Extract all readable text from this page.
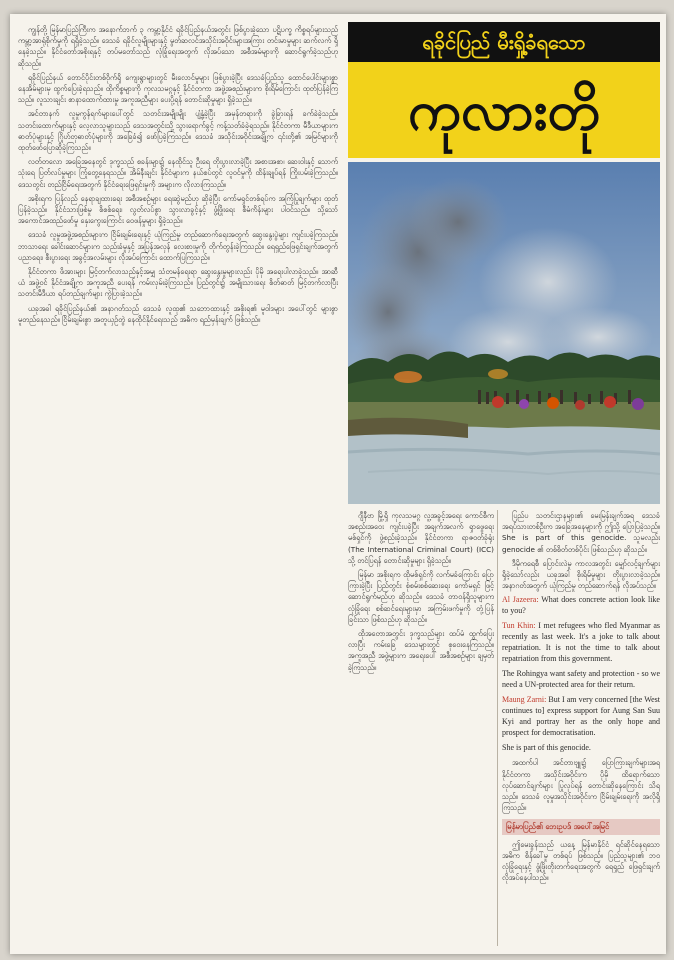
ကျွန်တို့ မြန်မာပြည်ကြီးက အနောက်ဘက် ၃ ကမ္ဘာ့နိုင်ငံ ရခိုင်ပြည်နယ်အတွင်း ဖြစ်ပွားခဲ့သော ပဋိပက္ခ ကိစ္စရပ်များသည် ကမ္ဘာ့အာရုံစိုက်မှုကို ရရှိခဲ့သည်။ ဒေသခံ ရခိုင်လူမျိုးများနှင့် မွတ်ဆလင်အသိုင်းအဝိုင်းများအကြား တင်းမာမှုများ ဆက်လက် ရှိနေခဲ့သည်။ နိုင်ငံတော်အစိုးရနှင့် တပ်မတော်သည် လုံခြုံရေးအတွက် လိုအပ်သော အစီအမံများကို ဆောင်ရွက်ခဲ့သည်ဟု ဆိုသည်။

ရခိုင်ပြည်နယ် တောင်ပိုင်းတစ်ဝိုက်ရှိ ကျေးရွာများတွင် မီးလောင်မှုများ ဖြစ်ပွားခဲ့ပြီး ဒေသခံပြည်သူ ထောင်ပေါင်းများစွာ နေအိမ်များမှ ထွက်ပြေးခဲ့ရသည်။ ထိုကိစ္စများကို ကုလသမဂ္ဂနှင့် နိုင်ငံတကာ အဖွဲ့အစည်းများက စိုးရိမ်ကြောင်း ထုတ်ပြန်ခဲ့ကြသည်။ လူသားချင်း စာနာထောက်ထားမှု အကူအညီများ ပေးပို့ရန် တောင်းဆိုမှုများ ရှိခဲ့သည်။

အင်တာနက် လူမှုကွန်ရက်များပေါ်တွင် သတင်းအမျိုးမျိုး ပျံ့နှံ့ခဲ့ပြီး အမှန်တရားကို ခွဲခြားရန် ခက်ခဲခဲ့သည်။ သတင်းထောက်များနှင့် လေ့လာသူများသည် ဒေသအတွင်းသို့ သွားရောက်ခွင့် ကန့်သတ်ခံခဲ့ရသည်။ နိုင်ငံတကာ မီဒီယာများက ဓာတ်ပုံများနှင့် ဂြိုဟ်တုဓာတ်ပုံများကို အခြေခံ၍ ဖော်ပြခဲ့ကြသည်။ ဒေသခံ အသိုင်းအဝိုင်းအချို့က ၎င်းတို့၏ အမြင်များကို ထုတ်ဖော်ပြောဆိုခဲ့ကြသည်။

လတ်တလော အခြေအနေတွင် ဒုက္ခသည် စခန်းများ၌ နေထိုင်သူ ဦးရေ တိုးပွားလာခဲ့ပြီး အစားအစာ၊ ဆေးဝါးနှင့် သောက်သုံးရေ ပြတ်လပ်မှုများ ကြုံတွေ့နေရသည်။ အိမ်နီးချင်း နိုင်ငံများက နယ်စပ်တွင် လူဝင်မှုကို ထိန်းချုပ်ရန် ကြိုးပမ်းခဲ့ကြသည်။ ဒေသတွင်း တည်ငြိမ်ရေးအတွက် နိုင်ငံရေးဖြေရှင်းမှုကို အများက လိုလားကြသည်။

အစိုးရက ပြန်လည် နေရာချထားရေး အစီအစဉ်များ ရေးဆွဲမည်ဟု ဆိုခဲ့ပြီး ကော်မရှင်တစ်ရပ်က အကြံပြုချက်များ ထုတ်ပြန်ခဲ့သည်။ နိုင်ငံသားဖြစ်မှု စိစစ်ရေး၊ လွတ်လပ်စွာ သွားလာခွင့်နှင့် ဖွံ့ဖြိုးရေး စီမံကိန်းများ ပါဝင်သည်။ သို့သော် အကောင်အထည်ဖော်မှု နှေးကွေးကြောင်း ဝေဖန်မှုများ ရှိခဲ့သည်။

ဒေသခံ လူမှုအဖွဲ့အစည်းများက ငြိမ်းချမ်းရေးနှင့် ယုံကြည်မှု တည်ဆောက်ရေးအတွက် ဆွေးနွေးပွဲများ ကျင်းပခဲ့ကြသည်။ ဘာသာရေး ခေါင်းဆောင်များက သည်းခံမှုနှင့် အပြန်အလှန် လေးစားမှုကို တိုက်တွန်းခဲ့ကြသည်။ ရေရှည်ဖြေရှင်းချက်အတွက် ပညာရေး၊ စီးပွားရေး အခွင့်အလမ်းများ လိုအပ်ကြောင်း ထောက်ပြကြသည်။

နိုင်ငံတကာ ဖိအားများ မြင့်တက်လာသည်နှင့်အမျှ သံတမန်ရေးရာ ဆွေးနွေးမှုများလည်း ပိုမို အရေးပါလာခဲ့သည်။ အာဆီယံ အဖွဲ့ဝင် နိုင်ငံအချို့က အကူအညီ ပေးရန် ကမ်းလှမ်းခဲ့ကြသည်။ ပြည်တွင်း၌ အမျိုးသားရေး စိတ်ဓာတ် မြင့်တက်လာပြီး သတင်းမီဒီယာ ရပ်တည်ချက်များ ကွဲပြားခဲ့သည်။

ယခုအခါ ရခိုင်ပြည်နယ်၏ အနာဂတ်သည် ဒေသခံ လူထု၏ သဘောထားနှင့် အစိုးရ၏ မူဝါဒများ အပေါ်တွင် များစွာ မူတည်နေသည်။ ငြိမ်းချမ်းစွာ အတူယှဉ်တွဲ နေထိုင်နိုင်ရေးသည် အဓိက ရည်မှန်းချက် ဖြစ်သည်။

ရခိုင်ပြည် မီးရှို့ခံရသော
ကုလားတို

ဂျီနီဗာ မြို့ရှိ ကုလသမဂ္ဂ လူ့အခွင့်အရေး ကောင်စီက အစည်းအဝေး ကျင်းပခဲ့ပြီး အချက်အလက် ရှာဖွေရေး မစ်ရှင်ကို ဖွဲ့စည်းခဲ့သည်။ နိုင်ငံတကာ ရာဇဝတ်ခုံရုံး (The International Criminal Court) (ICC) သို့ တင်ပြရန် တောင်းဆိုမှုများ ရှိခဲ့သည်။

မြန်မာ အစိုးရက ထိုမစ်ရှင်ကို လက်မခံကြောင်း ပြောကြားခဲ့ပြီး ပြည်တွင်း စုံစမ်းစစ်ဆေးရေး ကော်မရှင် ဖြင့် ဆောင်ရွက်မည်ဟု ဆိုသည်။ ဒေသခံ တာဝန်ရှိသူများက လုံခြုံရေး စစ်ဆင်ရေးများမှာ အကြမ်းဖက်မှုကို တုံ့ပြန်ခြင်းသာ ဖြစ်သည်ဟု ဆိုသည်။

ထိုအတောအတွင်း ဒုက္ခသည်များ ထပ်မံ ထွက်ပြေးလာပြီး ကမ်းခြေ ဒေသများတွင် စုဝေးနေကြသည်။ အကူအညီ အဖွဲ့များက အရေးပေါ် အစီအစဉ်များ ချမှတ်ခဲ့ကြသည်။

ပြည်ပ သတင်းဌာနများ၏ မေးမြန်းချက်အရ ဒေသခံ အရပ်သားတစ်ဦးက အခြေအနေများကို ဤသို့ ပြောပြခဲ့သည်။ She is part of this genocide. သူမလည်း genocide ၏ တစ်စိတ်တစ်ပိုင်း ဖြစ်သည်ဟု ဆိုသည်။

ဒီမိုကရေစီ ပြောင်းလဲမှု ကာလအတွင်း မျှော်လင့်ချက်များ ရှိခဲ့သော်လည်း ယခုအခါ စိုးရိမ်မှုများ တိုးပွားလာခဲ့သည်။ အနာဂတ်အတွက် ယုံကြည်မှု တည်ဆောက်ရန် လိုအပ်သည်။

Al Jazeera: What does concrete action look like to you?
Tun Khin: I met refugees who fled Myanmar as recently as last week. It's a joke to talk about repatriation. It is not the time to talk about repatriation from this government.
The Rohingya want safety and protection - so we need a UN-protected area for their return.
Maung Zarni: But I am very concerned [the West continues to] express support for Aung San Suu Kyi and portray her as the only hope and prospect for democratisation.
She is part of this genocide.

အထက်ပါ အင်တာဗျူး၌ ပြောကြားချက်များအရ နိုင်ငံတကာ အသိုင်းအဝိုင်းက ပိုမို ထိရောက်သော လုပ်ဆောင်ချက်များ ပြုလုပ်ရန် တောင်းဆိုနေကြောင်း သိရသည်။ ဒေသခံ လူမှုအသိုင်းအဝိုင်းက ငြိမ်းချမ်းရေးကို အလိုရှိကြသည်။

မြန်မာပြည်၏ ဘေးဥပဒ် အပေါ်အမြင်

ဤမေးခွန်းသည် ယနေ့ မြန်မာနိုင်ငံ ရင်ဆိုင်နေရသော အဓိက စိန်ခေါ်မှု တစ်ရပ် ဖြစ်သည်။ ပြည်သူများ၏ ဘဝ လုံခြုံရေးနှင့် ဖွံ့ဖြိုးတိုးတက်ရေးအတွက် ရေရှည် ဖြေရှင်းချက် လိုအပ်နေပါသည်။
